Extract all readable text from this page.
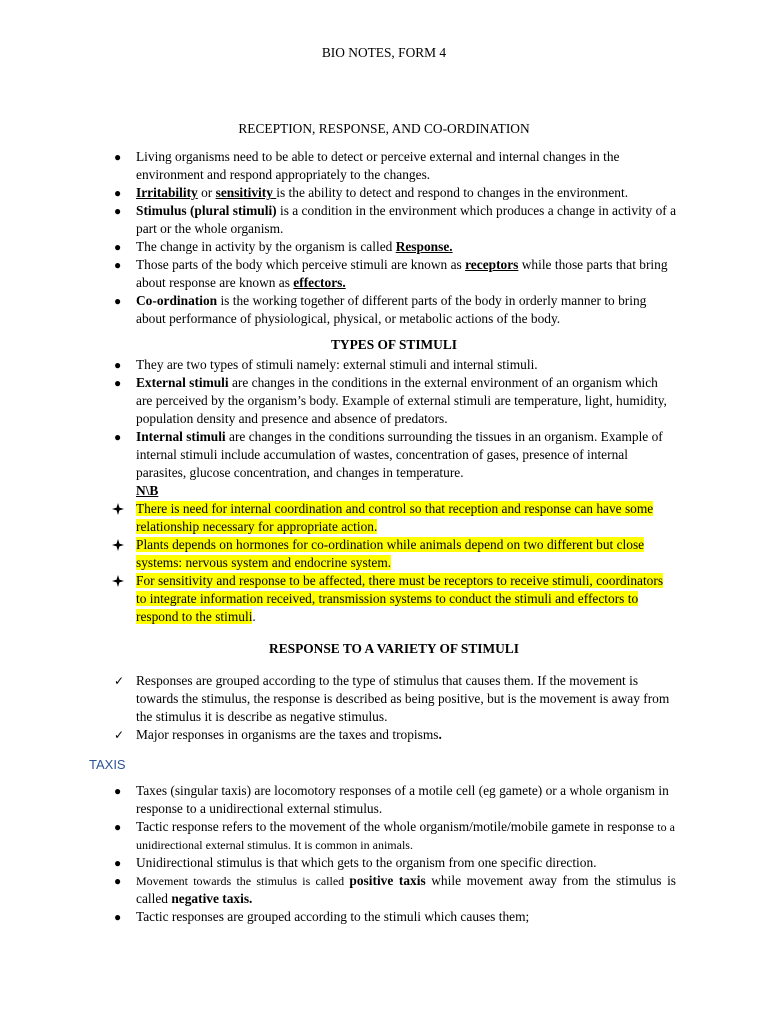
BIO NOTES, FORM 4
RECEPTION, RESPONSE, AND CO-ORDINATION
●	Living organisms need to be able to detect or perceive external and internal changes in the environment and respond appropriately to the changes.
●	Irritability or sensitivity is the ability to detect and respond to changes in the environment.
●	Stimulus (plural stimuli) is a condition in the environment which produces a change in activity of a part or the whole organism.
●	The change in activity by the organism is called Response.
●	Those parts of the body which perceive stimuli are known as receptors while those parts that bring about response are known as effectors.
●	Co-ordination is the working together of different parts of the body in orderly manner to bring about performance of physiological, physical, or metabolic actions of the body.
TYPES OF STIMULI
●	They are two types of stimuli namely: external stimuli and internal stimuli.
●	External stimuli are changes in the conditions in the external environment of an organism which are perceived by the organism’s body. Example of external stimuli are temperature, light, humidity, population density and presence and absence of predators.
●	Internal stimuli are changes in the conditions surrounding the tissues in an organism. Example of internal stimuli include accumulation of wastes, concentration of gases, presence of internal parasites, glucose concentration, and changes in temperature.
N\B
There is need for internal coordination and control so that reception and response can have some relationship necessary for appropriate action.
Plants depends on hormones for co-ordination while animals depend on two different but close systems: nervous system and endocrine system.
For sensitivity and response to be affected, there must be receptors to receive stimuli, coordinators to integrate information received, transmission systems to conduct the stimuli and effectors to respond to the stimuli.
RESPONSE TO A VARIETY OF STIMULI
✓ Responses are grouped according to the type of stimulus that causes them. If the movement is towards the stimulus, the response is described as being positive, but is the movement is away from the stimulus it is describe as negative stimulus.
✓ Major responses in organisms are the taxes and tropisms.
TAXIS
●	Taxes (singular taxis) are locomotory responses of a motile cell (eg gamete) or a whole organism in response to a unidirectional external stimulus.
●	Tactic response refers to the movement of the whole organism/motile/mobile gamete in response to a unidirectional external stimulus. It is common in animals.
●	Unidirectional stimulus is that which gets to the organism from one specific direction.
●	Movement towards the stimulus is called positive taxis while movement away from the stimulus is called negative taxis.
●	Tactic responses are grouped according to the stimuli which causes them;
